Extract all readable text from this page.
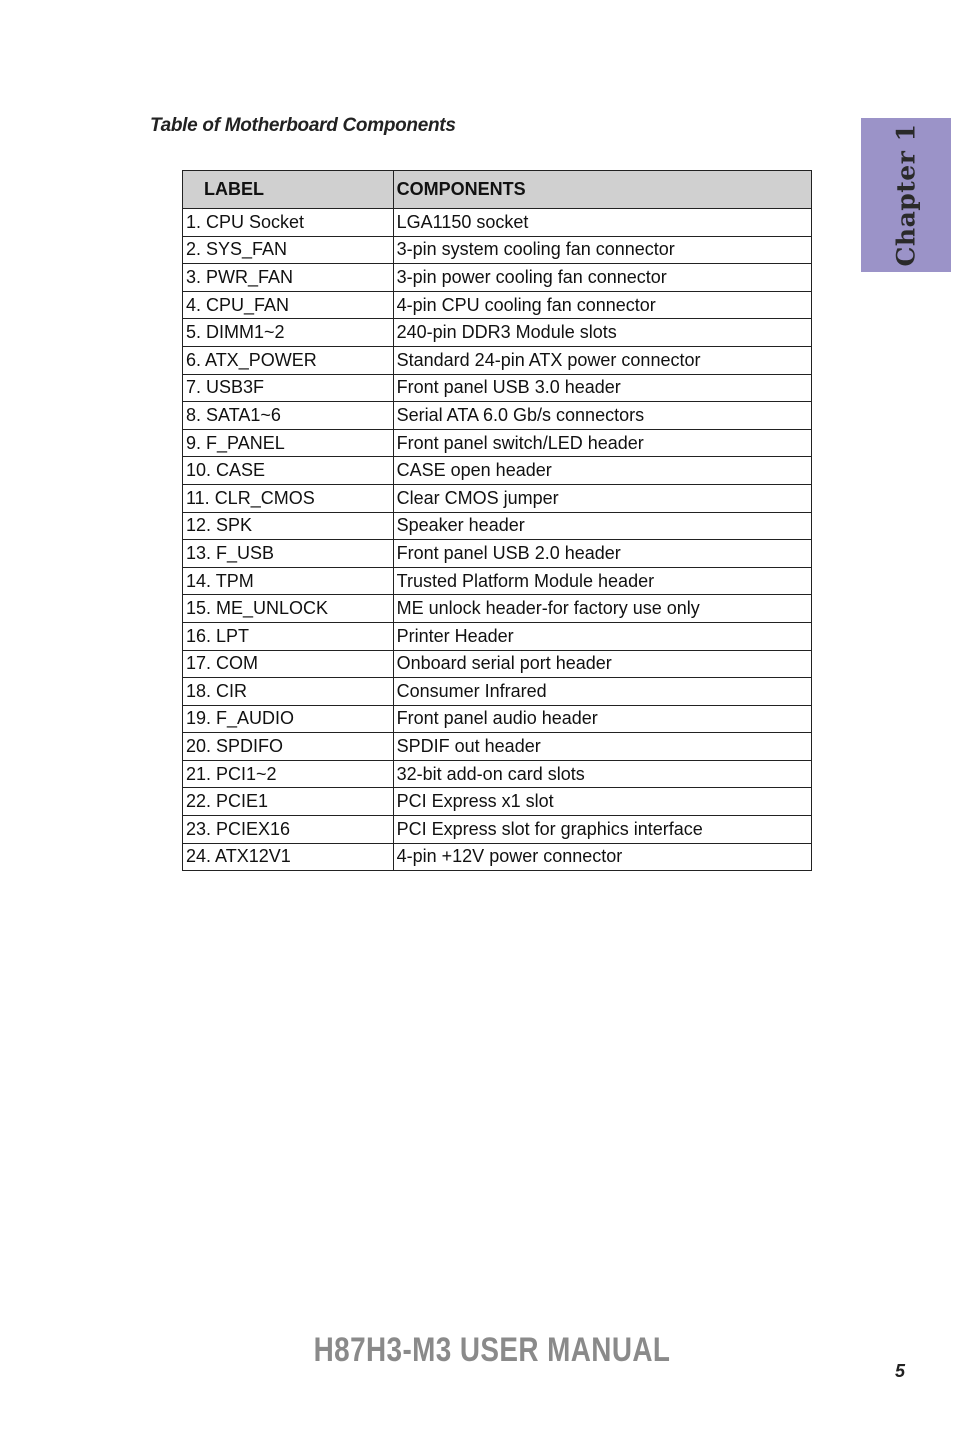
Table of Motherboard Components	Chapter 1
LABEL	COMPONENTS
1. CPU Socket	LGA1150 socket
2. SYS_FAN	3-pin system cooling fan connector
3. PWR_FAN	3-pin power cooling fan connector
4. CPU_FAN	4-pin CPU cooling fan connector
5. DIMM1~2	240-pin DDR3 Module slots
6. ATX_POWER	Standard 24-pin ATX power connector
7. USB3F	Front panel USB 3.0 header
8. SATA1~6	Serial ATA 6.0 Gb/s connectors
9. F_PANEL	Front panel switch/LED header
10. CASE	CASE open header
11. CLR_CMOS	Clear CMOS jumper
12. SPK	Speaker header
13. F_USB	Front panel USB 2.0 header
14. TPM	Trusted Platform Module header
15. ME_UNLOCK	ME unlock header-for factory use only
16. LPT	Printer Header
17. COM	Onboard serial port header
18. CIR	Consumer Infrared
19. F_AUDIO	Front panel audio header
20. SPDIFO	SPDIF out header
21. PCI1~2	32-bit add-on card slots
22. PCIE1	PCI Express x1 slot
23. PCIEX16	PCI Express slot for graphics interface
24. ATX12V1	4-pin +12V power connector
H87H3-M3 USER MANUAL
5
